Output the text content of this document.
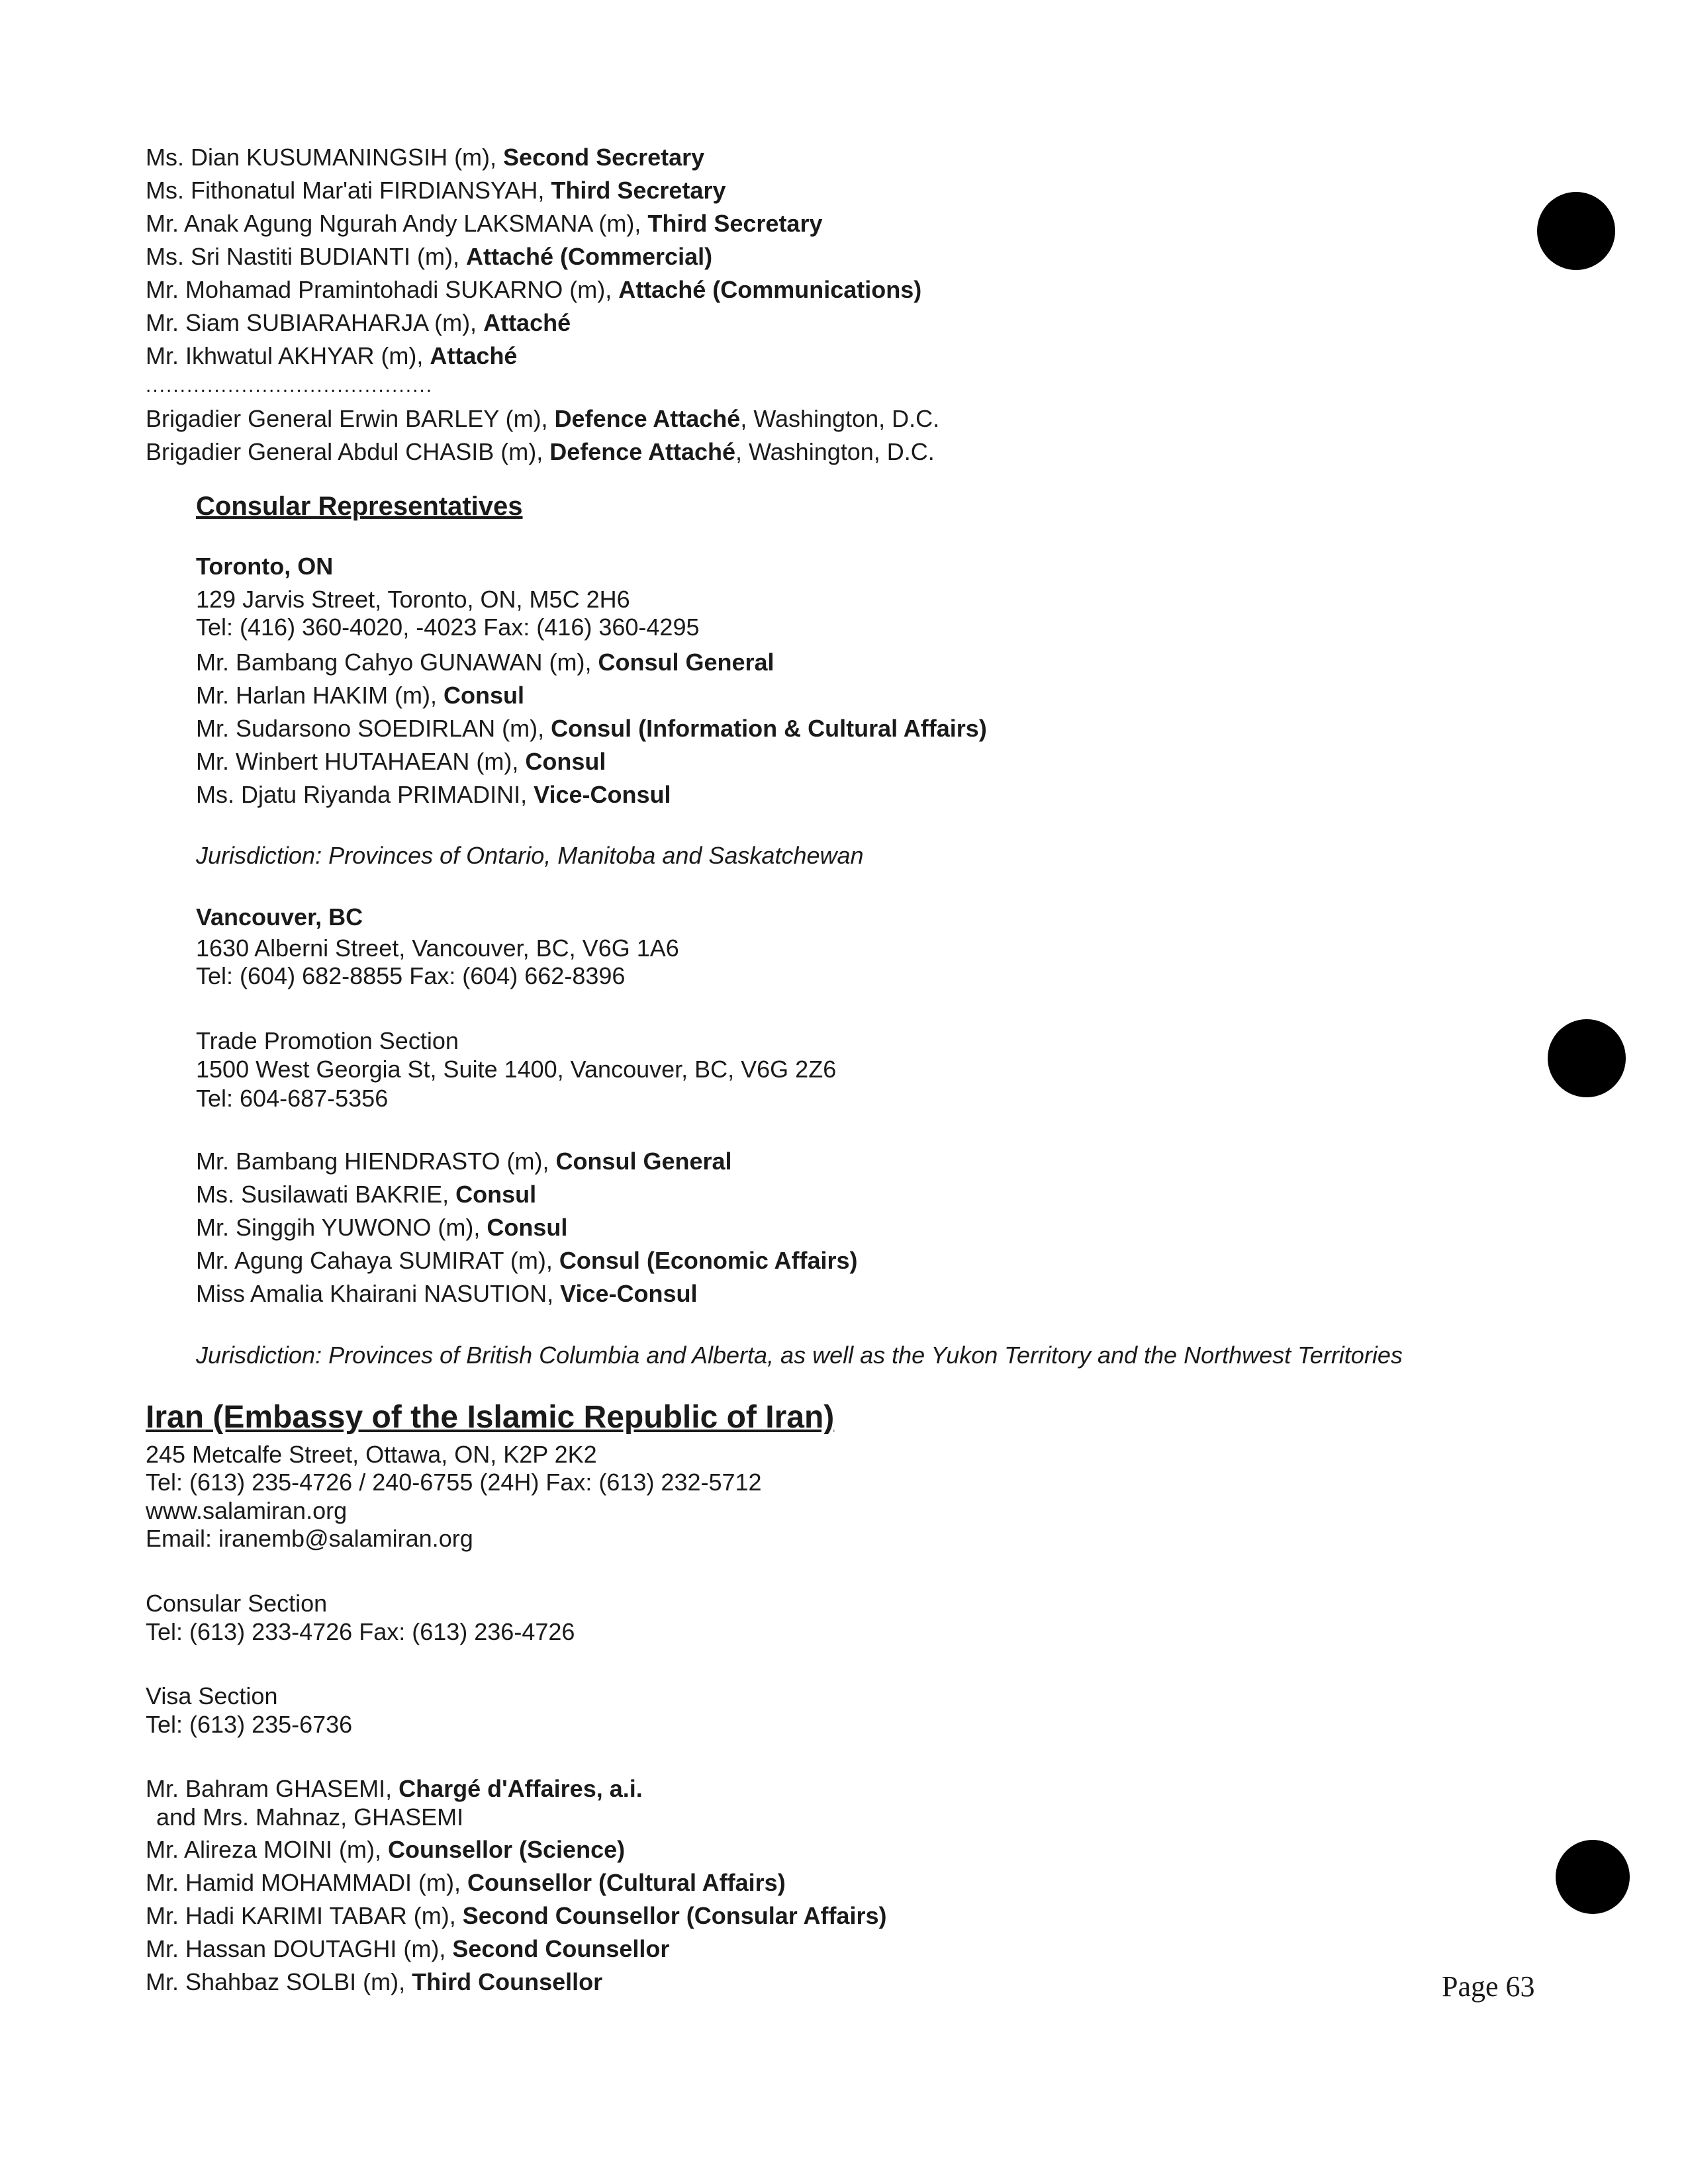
Ms. Dian KUSUMANINGSIH (m), Second Secretary
Ms. Fithonatul Mar'ati FIRDIANSYAH, Third Secretary
Mr. Anak Agung Ngurah Andy LAKSMANA (m), Third Secretary
Ms. Sri Nastiti BUDIANTI (m), Attaché (Commercial)
Mr. Mohamad Pramintohadi SUKARNO (m), Attaché (Communications)
Mr. Siam SUBIARAHARJA (m), Attaché
Mr. Ikhwatul AKHYAR (m), Attaché
..........................................
Brigadier General Erwin BARLEY (m), Defence Attaché, Washington, D.C.
Brigadier General Abdul CHASIB (m), Defence Attaché, Washington, D.C.
Consular Representatives
Toronto, ON
129 Jarvis Street, Toronto, ON, M5C 2H6
Tel: (416) 360-4020, -4023 Fax: (416) 360-4295
Mr. Bambang Cahyo GUNAWAN (m), Consul General
Mr. Harlan HAKIM (m), Consul
Mr. Sudarsono SOEDIRLAN (m), Consul (Information & Cultural Affairs)
Mr. Winbert HUTAHAEAN (m), Consul
Ms. Djatu Riyanda PRIMADINI, Vice-Consul
Jurisdiction: Provinces of Ontario, Manitoba and Saskatchewan
Vancouver, BC
1630 Alberni Street, Vancouver, BC, V6G 1A6
Tel: (604) 682-8855 Fax: (604) 662-8396
Trade Promotion Section
1500 West Georgia St, Suite 1400, Vancouver, BC, V6G 2Z6
Tel: 604-687-5356
Mr. Bambang HIENDRASTO (m), Consul General
Ms. Susilawati BAKRIE, Consul
Mr. Singgih YUWONO (m), Consul
Mr. Agung Cahaya SUMIRAT (m), Consul (Economic Affairs)
Miss Amalia Khairani NASUTION, Vice-Consul
Jurisdiction: Provinces of British Columbia and Alberta, as well as the Yukon Territory and the Northwest Territories
Iran (Embassy of the Islamic Republic of Iran)
245 Metcalfe Street, Ottawa, ON, K2P 2K2
Tel: (613) 235-4726 / 240-6755 (24H) Fax: (613) 232-5712
www.salamiran.org
Email: iranemb@salamiran.org
Consular Section
Tel: (613) 233-4726 Fax: (613) 236-4726
Visa Section
Tel: (613) 235-6736
Mr. Bahram GHASEMI, Chargé d'Affaires, a.i.
and Mrs. Mahnaz, GHASEMI
Mr. Alireza MOINI (m), Counsellor (Science)
Mr. Hamid MOHAMMADI (m), Counsellor (Cultural Affairs)
Mr. Hadi KARIMI TABAR (m), Second Counsellor (Consular Affairs)
Mr. Hassan DOUTAGHI (m), Second Counsellor
Mr. Shahbaz SOLBI (m), Third Counsellor	Page 63
